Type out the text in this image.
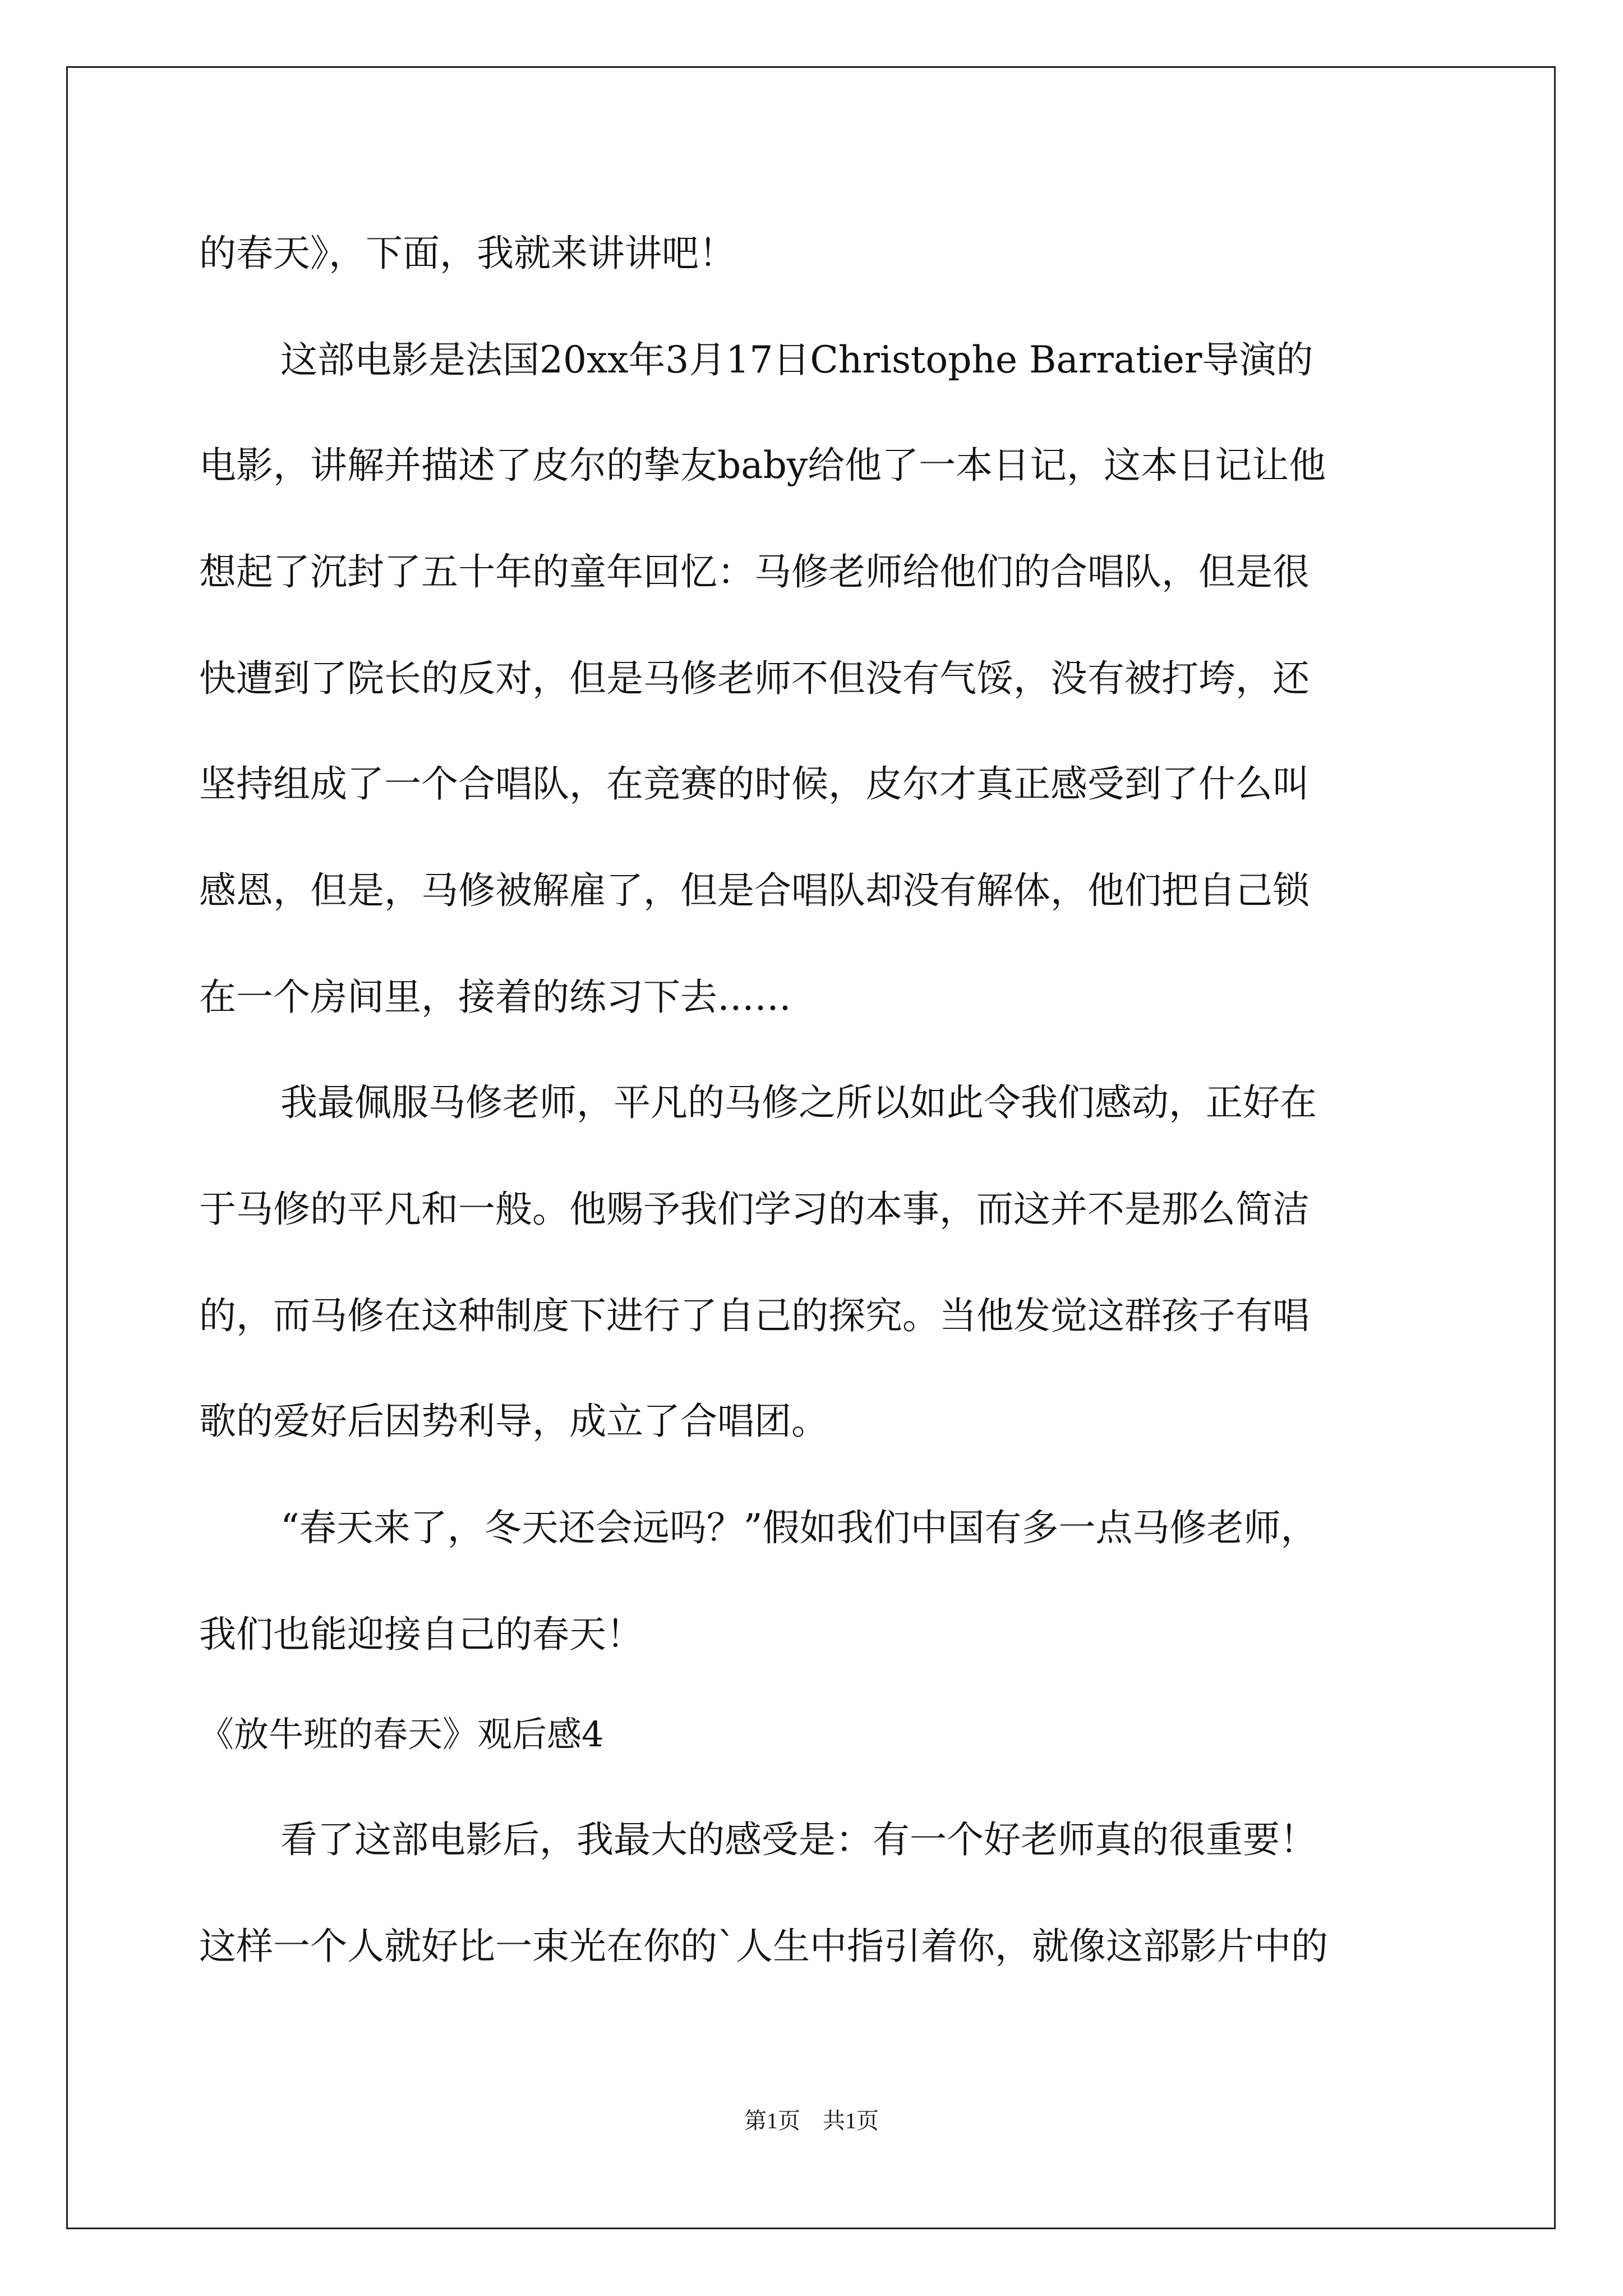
的春天》，下面，我就来讲讲吧！
这部电影是法国20xx年3月17日Christophe Barratier导演的
电影，讲解并描述了皮尔的挚友baby给他了一本日记，这本日记让他
想起了沉封了五十年的童年回忆：马修老师给他们的合唱队，但是很
快遭到了院长的反对，但是马修老师不但没有气馁，没有被打垮，还
坚持组成了一个合唱队，在竞赛的时候，皮尔才真正感受到了什么叫
感恩，但是，马修被解雇了，但是合唱队却没有解体，他们把自己锁
在一个房间里，接着的练习下去……
我最佩服马修老师，平凡的马修之所以如此令我们感动，正好在
于马修的平凡和一般。他赐予我们学习的本事，而这并不是那么简洁
的，而马修在这种制度下进行了自己的探究。当他发觉这群孩子有唱
歌的爱好后因势利导，成立了合唱团。
“春天来了，冬天还会远吗？”假如我们中国有多一点马修老师，
我们也能迎接自己的春天！
《放牛班的春天》观后感4
看了这部电影后，我最大的感受是：有一个好老师真的很重要！
这样一个人就好比一束光在你的`人生中指引着你，就像这部影片中的
第1页　共1页
